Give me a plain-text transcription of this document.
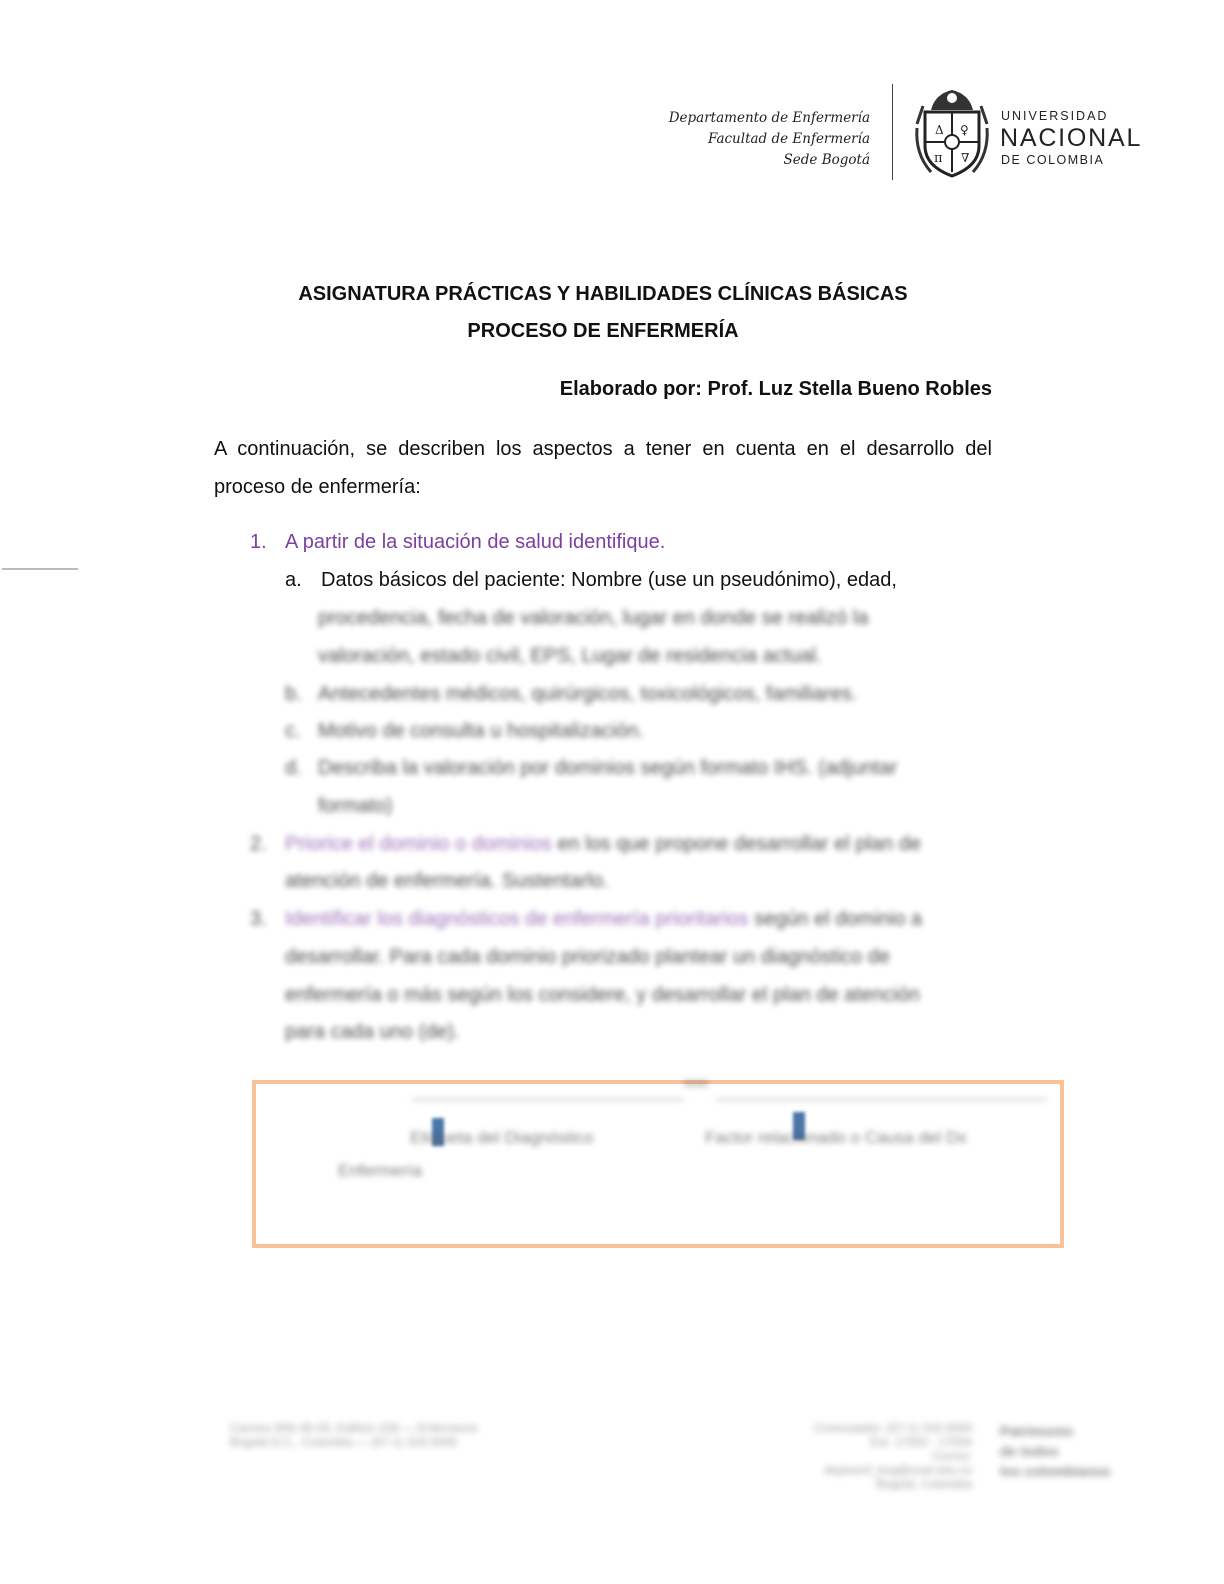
Departamento de Enfermería
Facultad de Enfermería
Sede Bogotá
Δ ♀
π ∇
UNIVERSIDAD
NACIONAL
DE COLOMBIA
ASIGNATURA PRÁCTICAS Y HABILIDADES CLÍNICAS BÁSICAS
PROCESO DE ENFERMERÍA
Elaborado por: Prof. Luz Stella Bueno Robles
A continuación, se describen los aspectos a tener en cuenta en el desarrollo del
proceso de enfermería:
1. A partir de la situación de salud identifique.
a. Datos básicos del paciente: Nombre (use un pseudónimo), edad,
procedencia, fecha de valoración, lugar en donde se realizó la
valoración, estado civil, EPS, Lugar de residencia actual.
b. Antecedentes médicos, quirúrgicos, toxicológicos, familiares.
c. Motivo de consulta u hospitalización.
d. Describa la valoración por dominios según formato IHS. (adjuntar
formato)
2. Priorice el dominio o dominios en los que propone desarrollar el plan de
atención de enfermería. Sustentarlo.
3. Identificar los diagnósticos de enfermería prioritarios según el dominio a
desarrollar. Para cada dominio priorizado plantear un diagnóstico de
enfermería o más según los considere, y desarrollar el plan de atención
para cada uno (de).
NNN
Etiqueta del Diagnóstico	Factor relacionado o Causa del Dx
Enfermería
Carrera 30N 45-03, Edificio 228 — Enfermería
Bogotá D.C., Colombia — (57-1) 316 5000
Conmutador: (57-1) 316 5000
Ext. 17002 - 17004
Correo: deptoenf_bog@unal.edu.co
Bogotá, Colombia
Patrimonio
de todos
los colombianos
